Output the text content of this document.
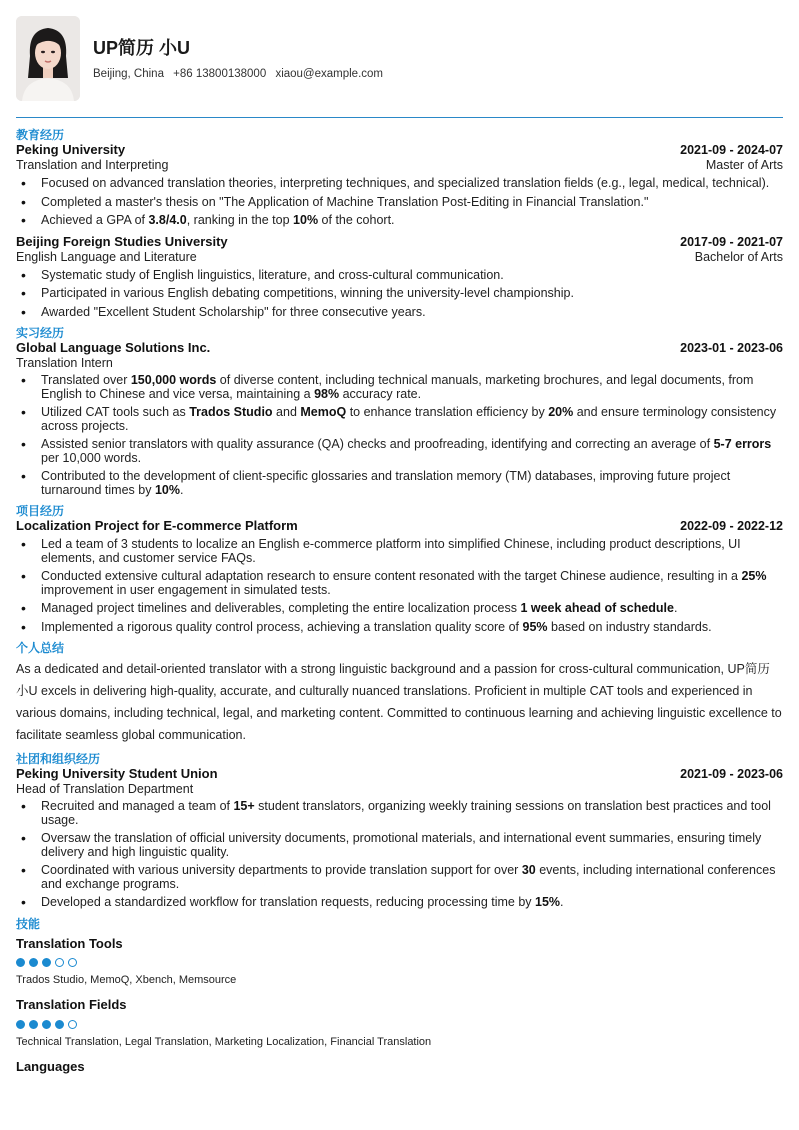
UP简历 小U
Beijing, China +86 13800138000 xiaou@example.com
教育经历
Peking University	2021-09 - 2024-07
Translation and Interpreting	Master of Arts
• Focused on advanced translation theories, interpreting techniques, and specialized translation fields (e.g., legal, medical, technical).
• Completed a master's thesis on "The Application of Machine Translation Post-Editing in Financial Translation."
• Achieved a GPA of 3.8/4.0, ranking in the top 10% of the cohort.
Beijing Foreign Studies University	2017-09 - 2021-07
English Language and Literature	Bachelor of Arts
• Systematic study of English linguistics, literature, and cross-cultural communication.
• Participated in various English debating competitions, winning the university-level championship.
• Awarded "Excellent Student Scholarship" for three consecutive years.
实习经历
Global Language Solutions Inc.	2023-01 - 2023-06
Translation Intern
• Translated over 150,000 words of diverse content, including technical manuals, marketing brochures, and legal documents, from English to Chinese and vice versa, maintaining a 98% accuracy rate.
• Utilized CAT tools such as Trados Studio and MemoQ to enhance translation efficiency by 20% and ensure terminology consistency across projects.
• Assisted senior translators with quality assurance (QA) checks and proofreading, identifying and correcting an average of 5-7 errors per 10,000 words.
• Contributed to the development of client-specific glossaries and translation memory (TM) databases, improving future project turnaround times by 10%.
项目经历
Localization Project for E-commerce Platform	2022-09 - 2022-12
• Led a team of 3 students to localize an English e-commerce platform into simplified Chinese, including product descriptions, UI elements, and customer service FAQs.
• Conducted extensive cultural adaptation research to ensure content resonated with the target Chinese audience, resulting in a 25% improvement in user engagement in simulated tests.
• Managed project timelines and deliverables, completing the entire localization process 1 week ahead of schedule.
• Implemented a rigorous quality control process, achieving a translation quality score of 95% based on industry standards.
个人总结
As a dedicated and detail-oriented translator with a strong linguistic background and a passion for cross-cultural communication, UP简历 小U excels in delivering high-quality, accurate, and culturally nuanced translations. Proficient in multiple CAT tools and experienced in various domains, including technical, legal, and marketing content. Committed to continuous learning and achieving linguistic excellence to facilitate seamless global communication.
社团和组织经历
Peking University Student Union	2021-09 - 2023-06
Head of Translation Department
• Recruited and managed a team of 15+ student translators, organizing weekly training sessions on translation best practices and tool usage.
• Oversaw the translation of official university documents, promotional materials, and international event summaries, ensuring timely delivery and high linguistic quality.
• Coordinated with various university departments to provide translation support for over 30 events, including international conferences and exchange programs.
• Developed a standardized workflow for translation requests, reducing processing time by 15%.
技能
Translation Tools
Trados Studio, MemoQ, Xbench, Memsource
Translation Fields
Technical Translation, Legal Translation, Marketing Localization, Financial Translation
Languages
